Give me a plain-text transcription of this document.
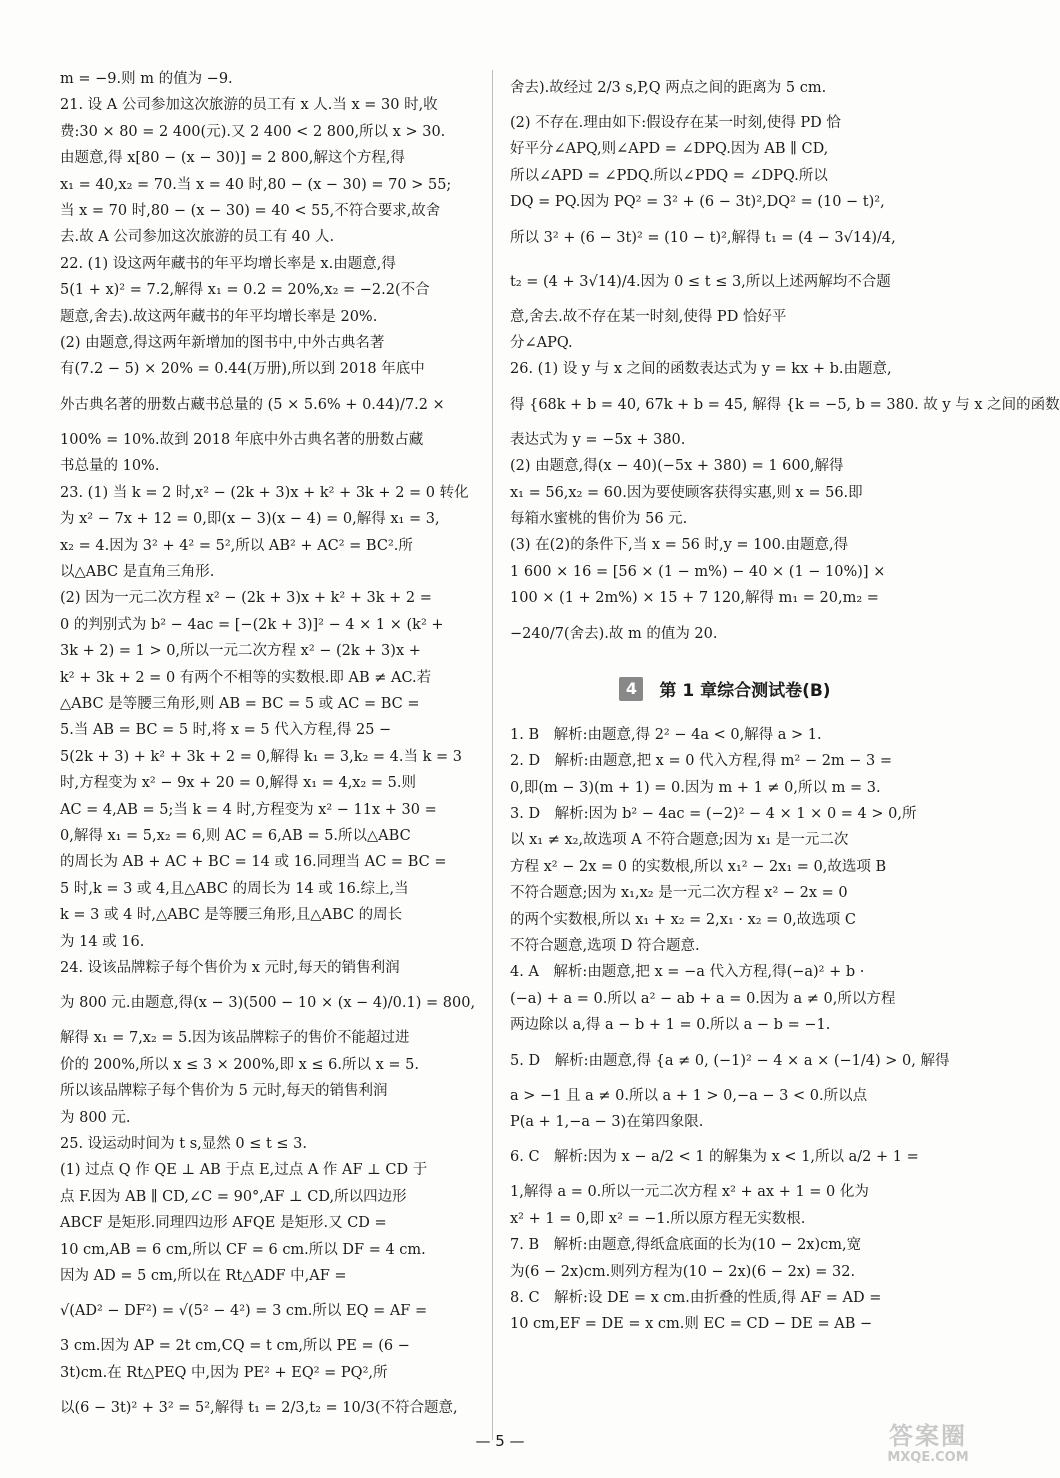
m = −9.则 m 的值为 −9.
21. 设 A 公司参加这次旅游的员工有 x 人.当 x = 30 时,收
费:30 × 80 = 2 400(元).又 2 400 < 2 800,所以 x > 30.
由题意,得 x[80 − (x − 30)] = 2 800,解这个方程,得
x₁ = 40,x₂ = 70.当 x = 40 时,80 − (x − 30) = 70 > 55;
当 x = 70 时,80 − (x − 30) = 40 < 55,不符合要求,故舍
去.故 A 公司参加这次旅游的员工有 40 人.
22. (1) 设这两年藏书的年平均增长率是 x.由题意,得
5(1 + x)² = 7.2,解得 x₁ = 0.2 = 20%,x₂ = −2.2(不合
题意,舍去).故这两年藏书的年平均增长率是 20%.
(2) 由题意,得这两年新增加的图书中,中外古典名著
有(7.2 − 5) × 20% = 0.44(万册),所以到 2018 年底中
外古典名著的册数占藏书总量的 (5 × 5.6% + 0.44)/7.2 ×
100% = 10%.故到 2018 年底中外古典名著的册数占藏
书总量的 10%.
23. (1) 当 k = 2 时,x² − (2k + 3)x + k² + 3k + 2 = 0 转化
为 x² − 7x + 12 = 0,即(x − 3)(x − 4) = 0,解得 x₁ = 3,
x₂ = 4.因为 3² + 4² = 5²,所以 AB² + AC² = BC².所
以△ABC 是直角三角形.
(2) 因为一元二次方程 x² − (2k + 3)x + k² + 3k + 2 =
0 的判别式为 b² − 4ac = [−(2k + 3)]² − 4 × 1 × (k² +
3k + 2) = 1 > 0,所以一元二次方程 x² − (2k + 3)x +
k² + 3k + 2 = 0 有两个不相等的实数根.即 AB ≠ AC.若
△ABC 是等腰三角形,则 AB = BC = 5 或 AC = BC =
5.当 AB = BC = 5 时,将 x = 5 代入方程,得 25 −
5(2k + 3) + k² + 3k + 2 = 0,解得 k₁ = 3,k₂ = 4.当 k = 3
时,方程变为 x² − 9x + 20 = 0,解得 x₁ = 4,x₂ = 5.则
AC = 4,AB = 5;当 k = 4 时,方程变为 x² − 11x + 30 =
0,解得 x₁ = 5,x₂ = 6,则 AC = 6,AB = 5.所以△ABC
的周长为 AB + AC + BC = 14 或 16.同理当 AC = BC =
5 时,k = 3 或 4,且△ABC 的周长为 14 或 16.综上,当
k = 3 或 4 时,△ABC 是等腰三角形,且△ABC 的周长
为 14 或 16.
24. 设该品牌粽子每个售价为 x 元时,每天的销售利润
为 800 元.由题意,得(x − 3)(500 − 10 × (x − 4)/0.1) = 800,
解得 x₁ = 7,x₂ = 5.因为该品牌粽子的售价不能超过进
价的 200%,所以 x ≤ 3 × 200%,即 x ≤ 6.所以 x = 5.
所以该品牌粽子每个售价为 5 元时,每天的销售利润
为 800 元.
25. 设运动时间为 t s,显然 0 ≤ t ≤ 3.
(1) 过点 Q 作 QE ⊥ AB 于点 E,过点 A 作 AF ⊥ CD 于
点 F.因为 AB ∥ CD,∠C = 90°,AF ⊥ CD,所以四边形
ABCF 是矩形.同理四边形 AFQE 是矩形.又 CD =
10 cm,AB = 6 cm,所以 CF = 6 cm.所以 DF = 4 cm.
因为 AD = 5 cm,所以在 Rt△ADF 中,AF =
√(AD² − DF²) = √(5² − 4²) = 3 cm.所以 EQ = AF =
3 cm.因为 AP = 2t cm,CQ = t cm,所以 PE = (6 −
3t)cm.在 Rt△PEQ 中,因为 PE² + EQ² = PQ²,所
以(6 − 3t)² + 3² = 5²,解得 t₁ = 2/3,t₂ = 10/3(不符合题意,
舍去).故经过 2/3 s,P,Q 两点之间的距离为 5 cm.
(2) 不存在.理由如下:假设存在某一时刻,使得 PD 恰
好平分∠APQ,则∠APD = ∠DPQ.因为 AB ∥ CD,
所以∠APD = ∠PDQ.所以∠PDQ = ∠DPQ.所以
DQ = PQ.因为 PQ² = 3² + (6 − 3t)²,DQ² = (10 − t)²,
所以 3² + (6 − 3t)² = (10 − t)²,解得 t₁ = (4 − 3√14)/4,
t₂ = (4 + 3√14)/4.因为 0 ≤ t ≤ 3,所以上述两解均不合题
意,舍去.故不存在某一时刻,使得 PD 恰好平
分∠APQ.
26. (1) 设 y 与 x 之间的函数表达式为 y = kx + b.由题意,
得 {68k + b = 40, 67k + b = 45, 解得 {k = −5, b = 380. 故 y 与 x 之间的函数
表达式为 y = −5x + 380.
(2) 由题意,得(x − 40)(−5x + 380) = 1 600,解得
x₁ = 56,x₂ = 60.因为要使顾客获得实惠,则 x = 56.即
每箱水蜜桃的售价为 56 元.
(3) 在(2)的条件下,当 x = 56 时,y = 100.由题意,得
1 600 × 16 = [56 × (1 − m%) − 40 × (1 − 10%)] ×
100 × (1 + 2m%) × 15 + 7 120,解得 m₁ = 20,m₂ =
−240/7(舍去).故 m 的值为 20.
4	第 1 章综合测试卷(B)
1. B　解析:由题意,得 2² − 4a < 0,解得 a > 1.
2. D　解析:由题意,把 x = 0 代入方程,得 m² − 2m − 3 =
0,即(m − 3)(m + 1) = 0.因为 m + 1 ≠ 0,所以 m = 3.
3. D　解析:因为 b² − 4ac = (−2)² − 4 × 1 × 0 = 4 > 0,所
以 x₁ ≠ x₂,故选项 A 不符合题意;因为 x₁ 是一元二次
方程 x² − 2x = 0 的实数根,所以 x₁² − 2x₁ = 0,故选项 B
不符合题意;因为 x₁,x₂ 是一元二次方程 x² − 2x = 0
的两个实数根,所以 x₁ + x₂ = 2,x₁ · x₂ = 0,故选项 C
不符合题意,选项 D 符合题意.
4. A　解析:由题意,把 x = −a 代入方程,得(−a)² + b ·
(−a) + a = 0.所以 a² − ab + a = 0.因为 a ≠ 0,所以方程
两边除以 a,得 a − b + 1 = 0.所以 a − b = −1.
5. D　解析:由题意,得 {a ≠ 0, (−1)² − 4 × a × (−1/4) > 0, 解得
a > −1 且 a ≠ 0.所以 a + 1 > 0,−a − 3 < 0.所以点
P(a + 1,−a − 3)在第四象限.
6. C　解析:因为 x − a/2 < 1 的解集为 x < 1,所以 a/2 + 1 =
1,解得 a = 0.所以一元二次方程 x² + ax + 1 = 0 化为
x² + 1 = 0,即 x² = −1.所以原方程无实数根.
7. B　解析:由题意,得纸盒底面的长为(10 − 2x)cm,宽
为(6 − 2x)cm.则列方程为(10 − 2x)(6 − 2x) = 32.
8. C　解析:设 DE = x cm.由折叠的性质,得 AF = AD =
10 cm,EF = DE = x cm.则 EC = CD − DE = AB −
— 5 —	答案圈
MXQE.COM
